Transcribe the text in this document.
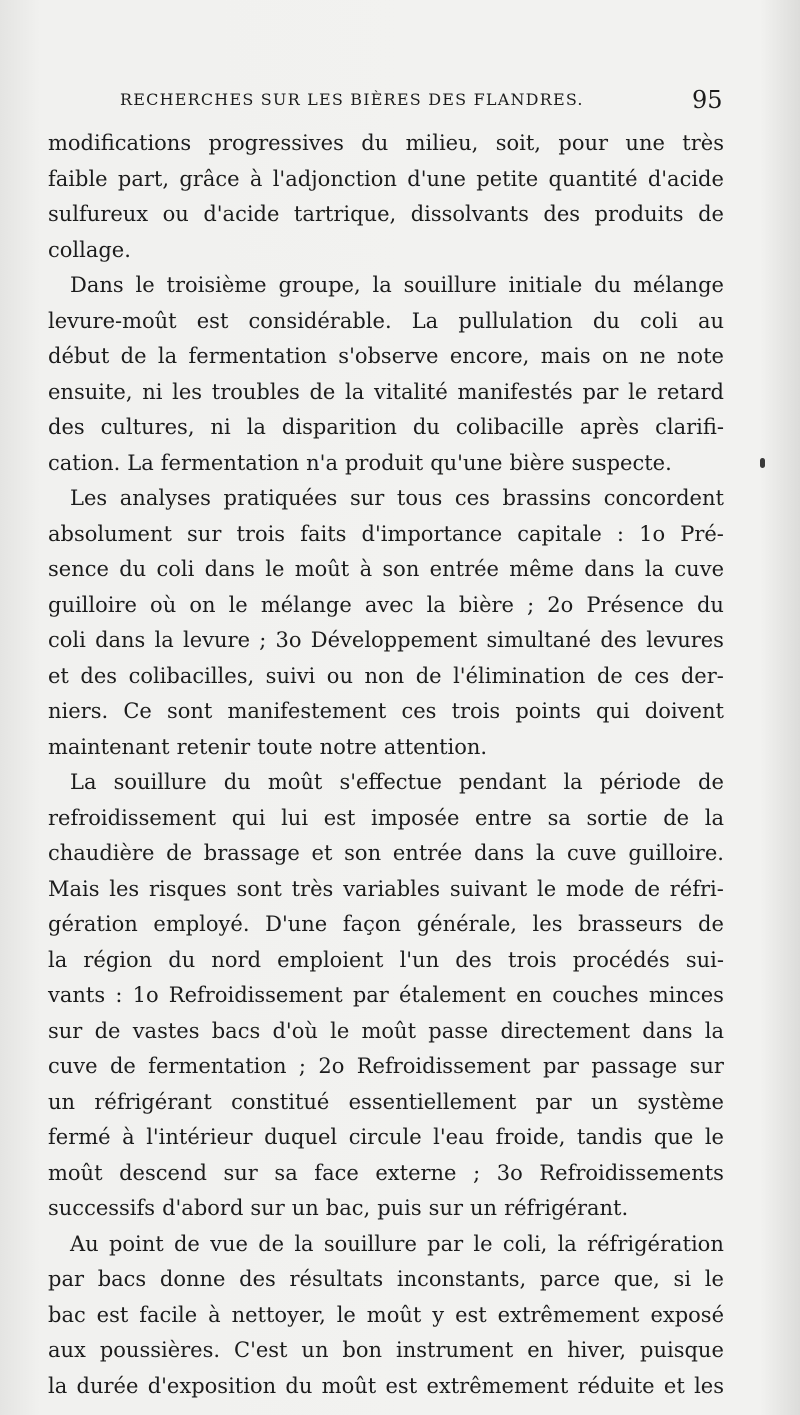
RECHERCHES SUR LES BIÈRES DES FLANDRES.	95
modifications progressives du milieu, soit, pour une très
faible part, grâce à l'adjonction d'une petite quantité d'acide
sulfureux ou d'acide tartrique, dissolvants des produits de
collage.
Dans le troisième groupe, la souillure initiale du mélange
levure-moût est considérable. La pullulation du coli au
début de la fermentation s'observe encore, mais on ne note
ensuite, ni les troubles de la vitalité manifestés par le retard
des cultures, ni la disparition du colibacille après clarifi-
cation. La fermentation n'a produit qu'une bière suspecte.
Les analyses pratiquées sur tous ces brassins concordent
absolument sur trois faits d'importance capitale : 1o Pré-
sence du coli dans le moût à son entrée même dans la cuve
guilloire où on le mélange avec la bière ; 2o Présence du
coli dans la levure ; 3o Développement simultané des levures
et des colibacilles, suivi ou non de l'élimination de ces der-
niers. Ce sont manifestement ces trois points qui doivent
maintenant retenir toute notre attention.
La souillure du moût s'effectue pendant la période de
refroidissement qui lui est imposée entre sa sortie de la
chaudière de brassage et son entrée dans la cuve guilloire.
Mais les risques sont très variables suivant le mode de réfri-
gération employé. D'une façon générale, les brasseurs de
la région du nord emploient l'un des trois procédés sui-
vants : 1o Refroidissement par étalement en couches minces
sur de vastes bacs d'où le moût passe directement dans la
cuve de fermentation ; 2o Refroidissement par passage sur
un réfrigérant constitué essentiellement par un système
fermé à l'intérieur duquel circule l'eau froide, tandis que le
moût descend sur sa face externe ; 3o Refroidissements
successifs d'abord sur un bac, puis sur un réfrigérant.
Au point de vue de la souillure par le coli, la réfrigération
par bacs donne des résultats inconstants, parce que, si le
bac est facile à nettoyer, le moût y est extrêmement exposé
aux poussières. C'est un bon instrument en hiver, puisque
la durée d'exposition du moût est extrêmement réduite et les
